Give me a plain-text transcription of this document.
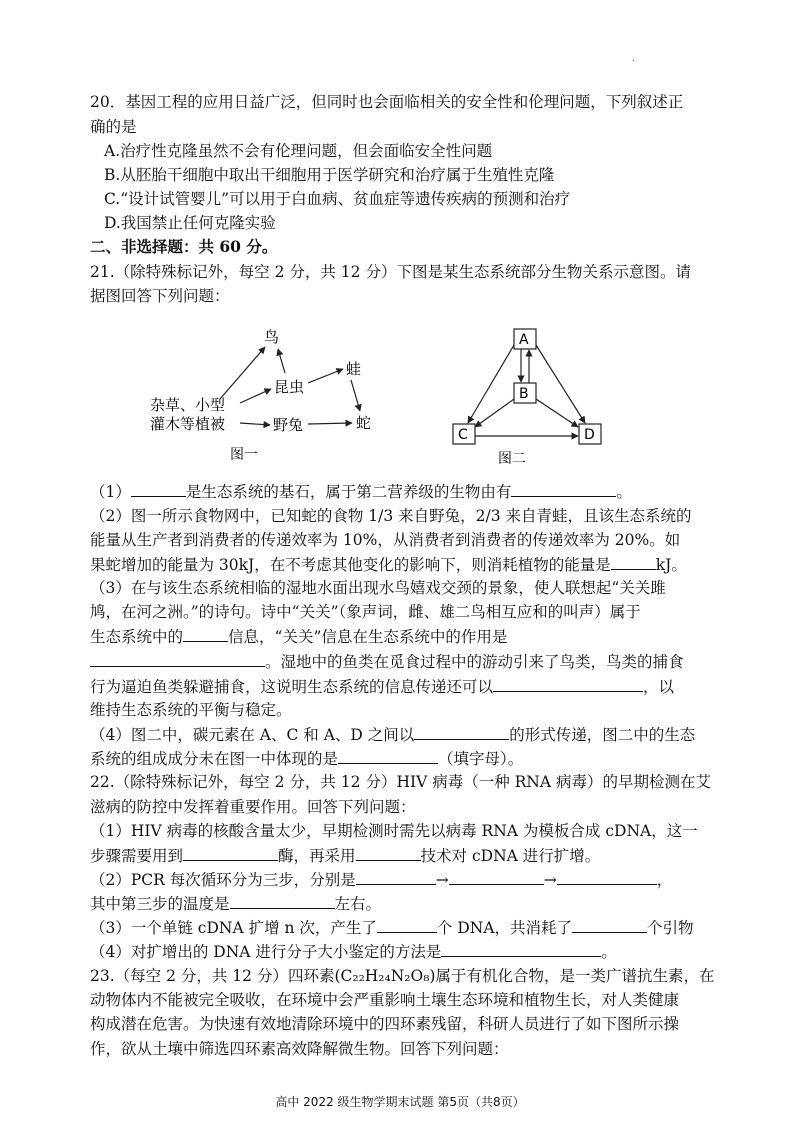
·
20．基因工程的应用日益广泛，但同时也会面临相关的安全性和伦理问题，下列叙述正
确的是
A.治疗性克隆虽然不会有伦理问题，但会面临安全性问题
B.从胚胎干细胞中取出干细胞用于医学研究和治疗属于生殖性克隆
C.“设计试管婴儿”可以用于白血病、贫血症等遗传疾病的预测和治疗
D.我国禁止任何克隆实验
二、非选择题：共 60 分。
21.（除特殊标记外，每空 2 分，共 12 分）下图是某生态系统部分生物关系示意图。请
据图回答下列问题：
鸟
昆虫
蛙
杂草、小型
灌木等植被	野兔	蛇
图一
A
B
C	D
图二
（1）	是生态系统的基石，属于第二营养级的生物由有	。
（2）图一所示食物网中，已知蛇的食物 1/3 来自野兔，2/3 来自青蛙，且该生态系统的
能量从生产者到消费者的传递效率为 10%，从消费者到消费者的传递效率为 20%。如
果蛇增加的能量为 30kJ，在不考虑其他变化的影响下，则消耗植物的能量是	kJ。
（3）在与该生态系统相临的湿地水面出现水鸟嬉戏交颈的景象，使人联想起“关关雎
鸠，在河之洲。”的诗句。诗中“关关”（象声词，雌、雄二鸟相互应和的叫声）属于
生态系统中的	信息，“关关”信息在生态系统中的作用是
。湿地中的鱼类在觅食过程中的游动引来了鸟类，鸟类的捕食
行为逼迫鱼类躲避捕食，这说明生态系统的信息传递还可以	，以
维持生态系统的平衡与稳定。
（4）图二中，碳元素在 A、C 和 A、D 之间以	的形式传递，图二中的生态
系统的组成成分未在图一中体现的是	（填字母）。
22.（除特殊标记外，每空 2 分，共 12 分）HIV 病毒（一种 RNA 病毒）的早期检测在艾
滋病的防控中发挥着重要作用。回答下列问题：
（1）HIV 病毒的核酸含量太少，早期检测时需先以病毒 RNA 为模板合成 cDNA，这一
步骤需要用到	酶，再采用	技术对 cDNA 进行扩增。
（2）PCR 每次循环分为三步，分别是	→	→	，
其中第三步的温度是	左右。
（3）一个单链 cDNA 扩增 n 次，产生了	个 DNA，共消耗了	个引物
（4）对扩增出的 DNA 进行分子大小鉴定的方法是	。
23.（每空 2 分，共 12 分）四环素(C₂₂H₂₄N₂O₈)属于有机化合物，是一类广谱抗生素，在
动物体内不能被完全吸收，在环境中会严重影响土壤生态环境和植物生长，对人类健康
构成潜在危害。为快速有效地清除环境中的四环素残留，科研人员进行了如下图所示操
作，欲从土壤中筛选四环素高效降解微生物。回答下列问题：
高中 2022 级生物学期末试题 第5页（共8页）
